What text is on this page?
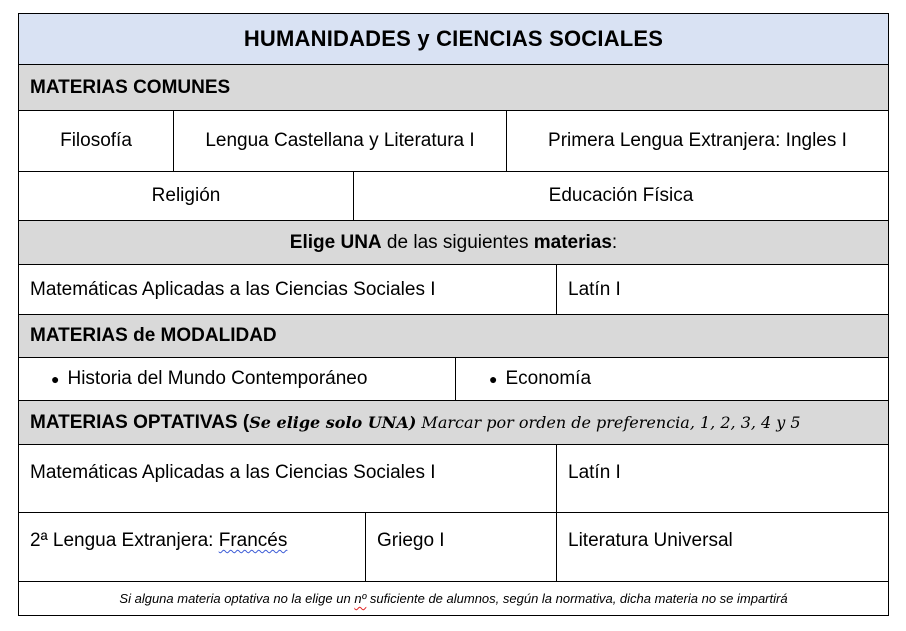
HUMANIDADES y CIENCIAS SOCIALES
MATERIAS COMUNES
Filosofía	Lengua Castellana y Literatura I	Primera Lengua Extranjera: Ingles I
Religión	Educación Física
Elige UNA de las siguientes materias :
Matemáticas Aplicadas a las Ciencias Sociales I	Latín I
MATERIAS de MODALIDAD
● Historia del Mundo Contemporáneo	● Economía
MATERIAS OPTATIVAS ( Se elige solo UNA) Marcar por orden de preferencia, 1, 2, 3, 4 y 5
Matemáticas Aplicadas a las Ciencias Sociales I	Latín I
2ª Lengua Extranjera: Francés	Griego I	Literatura Universal
Si alguna materia optativa no la elige un nº suficiente de alumnos, según la normativa, dicha materia no se impartirá
